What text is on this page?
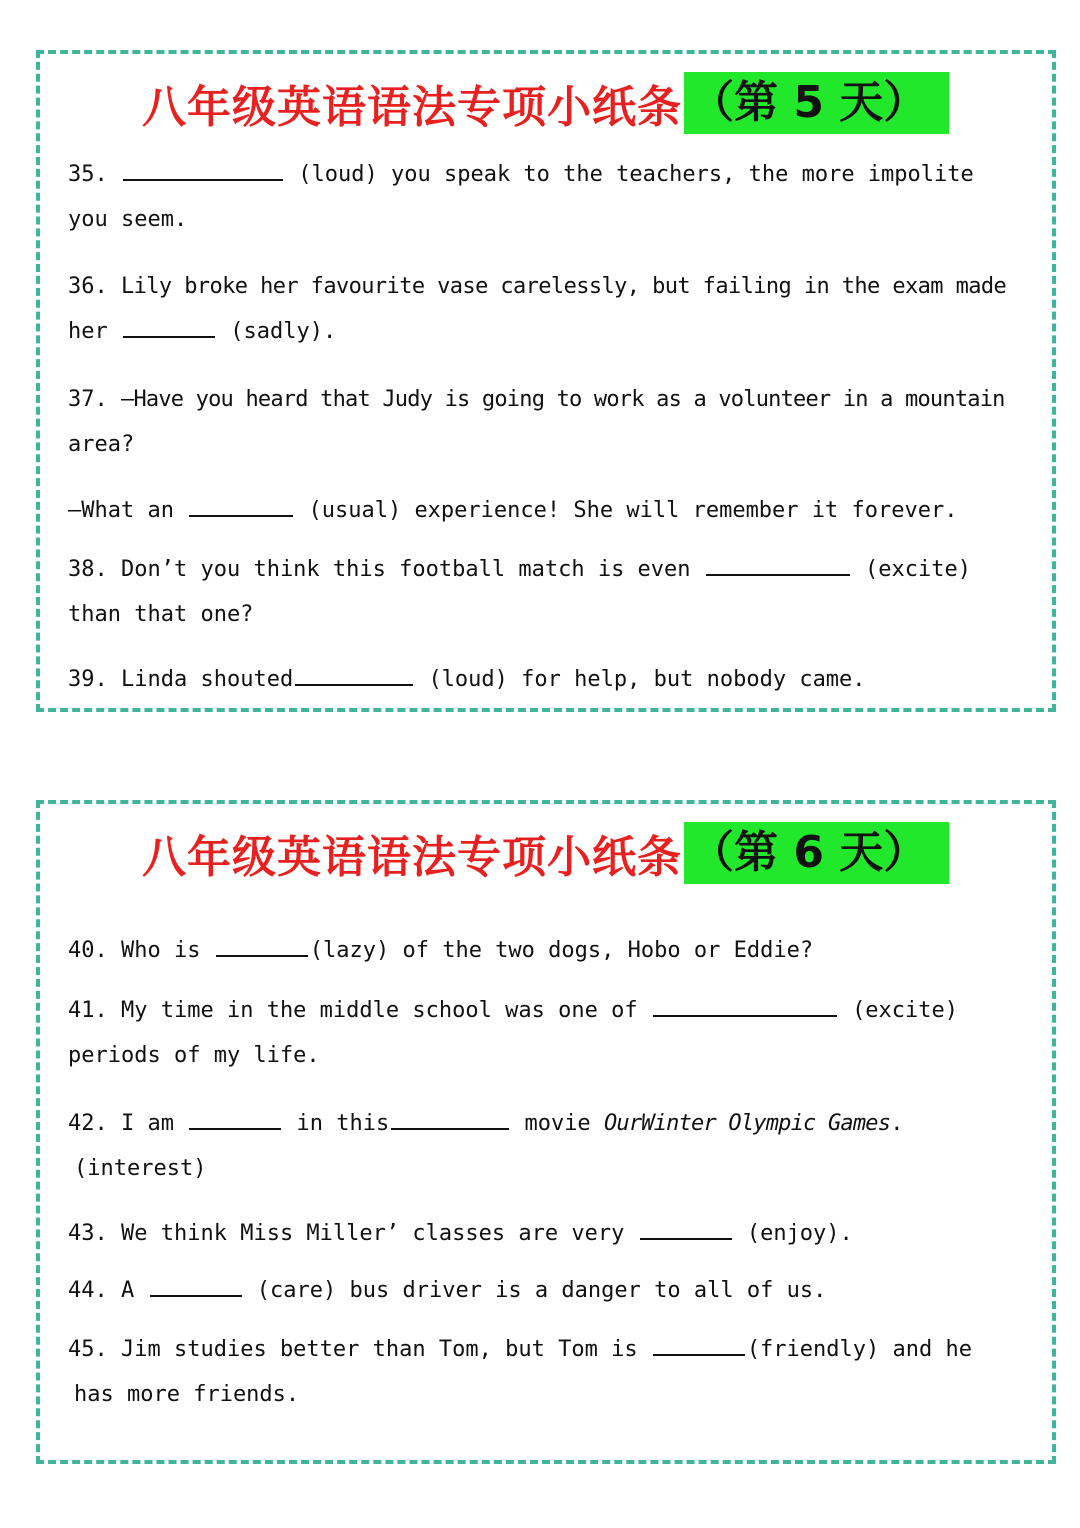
八年级英语语法专项小纸条 （第 5 天）
35.	(loud) you speak to the teachers, the more impolite
you seem.
36. Lily broke her favourite vase carelessly, but failing in the exam made
her	(sadly).
37. —Have you heard that Judy is going to work as a volunteer in a mountain
area?
—What an	(usual) experience! She will remember it forever.
38. Don’t you think this football match is even	(excite)
than that one?
39. Linda shouted	(loud) for help, but nobody came.
八年级英语语法专项小纸条 （第 6 天）
40. Who is	(lazy) of the two dogs, Hobo or Eddie?
41. My time in the middle school was one of	(excite)
periods of my life.
42. I am	in this	movie OurWinter Olympic Games.
(interest)
43. We think Miss Miller’ classes are very	(enjoy).
44. A	(care) bus driver is a danger to all of us.
45. Jim studies better than Tom, but Tom is	(friendly) and he
has more friends.
